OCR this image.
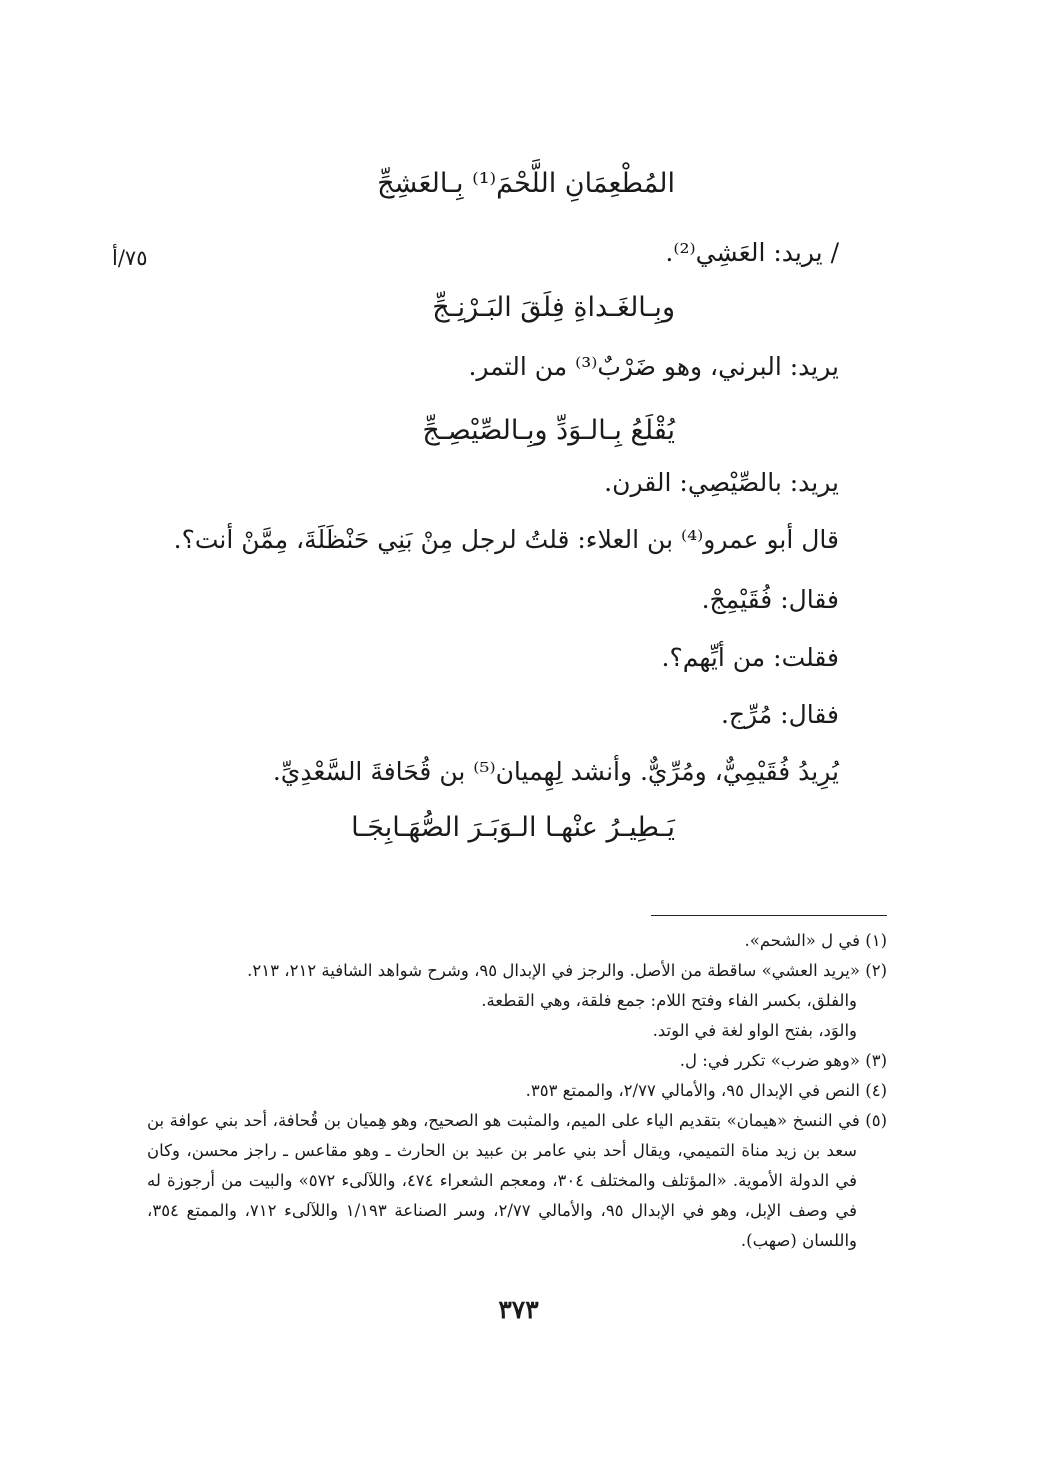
٧٥/أ
المُطْعِمَانِ اللَّحْمَ⁽¹⁾ بِـالعَشِجِّ
/ يريد: العَشِي⁽²⁾.
وبِـالغَـداةِ فِلَقَ البَـرْنِـجِّ
يريد: البرني، وهو ضَرْبٌ⁽³⁾ من التمر.
يُقْلَعُ بِـالـوَدِّ وبِـالصِّيْصِـجِّ
يريد: بالصِّيْصِي: القرن.
قال أبو عمرو⁽⁴⁾ بن العلاء: قلتُ لرجل مِنْ بَنِي حَنْظَلَةَ، مِمَّنْ أنت؟.
فقال: فُقَيْمِجْ.
فقلت: من أيِّهم؟.
فقال: مُرِّج.
يُرِيدُ فُقَيْمِيٌّ، ومُرِّيٌّ. وأنشد لِهِميان⁽⁵⁾ بن قُحَافةَ السَّعْدِيِّ.
يَـطِيـرُ عنْهـا الـوَبَـرَ الصُّهَـابِجَـا

(١) في ل «الشحم».

(٢) «يريد العشي» ساقطة من الأصل. والرجز في الإبدال ٩٥، وشرح شواهد الشافية ٢١٢، ٢١٣.

والفلق، بكسر الفاء وفتح اللام: جمع فلقة، وهي القطعة.

والوَد، بفتح الواو لغة في الوتد.

(٣) «وهو ضرب» تكرر في: ل.

(٤) النص في الإبدال ٩٥، والأمالي ٢/٧٧، والممتع ٣٥٣.

(٥) في النسخ «هيمان» بتقديم الياء على الميم، والمثبت هو الصحيح، وهو هِميان بن قُحافة، أحد بني عوافة بن سعد بن زيد مناة التميمي، ويقال أحد بني عامر بن عبيد بن الحارث ـ وهو مقاعس ـ راجز محسن، وكان في الدولة الأموية. «المؤتلف والمختلف ٣٠٤، ومعجم الشعراء ٤٧٤، واللآلىء ٥٧٢» والبيت من أرجوزة له في وصف الإبل، وهو في الإبدال ٩٥، والأمالي ٢/٧٧، وسر الصناعة ١/١٩٣ واللآلىء ٧١٢، والممتع ٣٥٤، واللسان (صهب).

٣٧٣
